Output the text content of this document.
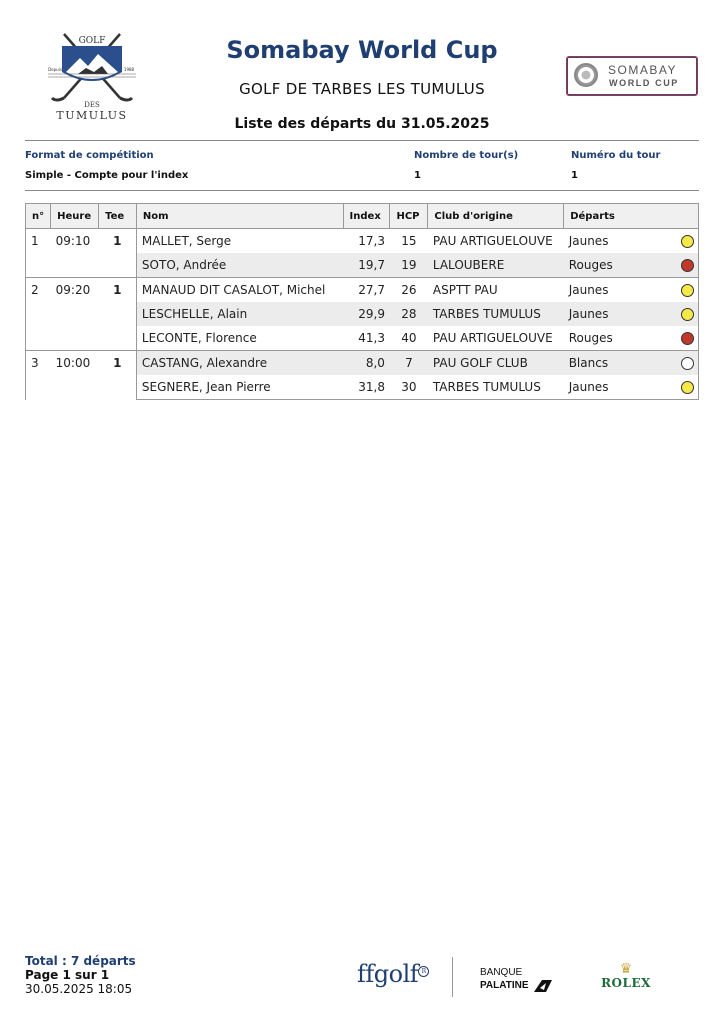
Somabay World Cup
GOLF DE TARBES LES TUMULUS
Liste des départs du 31.05.2025
GOLF
Depuis	1988
DES
TUMULUS
SOMABAY
WORLD CUP
Format de compétition	Nombre de tour(s)	Numéro du tour
Simple - Compte pour l'index	1	1
n°	Heure	Tee	Nom	Index	HCP	Club d'origine	Départs
1	09:10	1	MALLET, Serge	17,3	15	PAU ARTIGUELOUVE	Jaunes

			SOTO, Andrée	19,7	19	LALOUBERE	Rouges

2	09:20	1	MANAUD DIT CASALOT, Michel	27,7	26	ASPTT PAU	Jaunes

			LESCHELLE, Alain	29,9	28	TARBES TUMULUS	Jaunes

			LECONTE, Florence	41,3	40	PAU ARTIGUELOUVE	Rouges

3	10:00	1	CASTANG, Alexandre	8,0	7	PAU GOLF CLUB	Blancs

			SEGNERE, Jean Pierre	31,8	30	TARBES TUMULUS	Jaunes
Total : 7 départs
Page 1 sur 1
30.05.2025 18:05
ffgolf R	BANQUE
PALATINE
♛
ROLEX
